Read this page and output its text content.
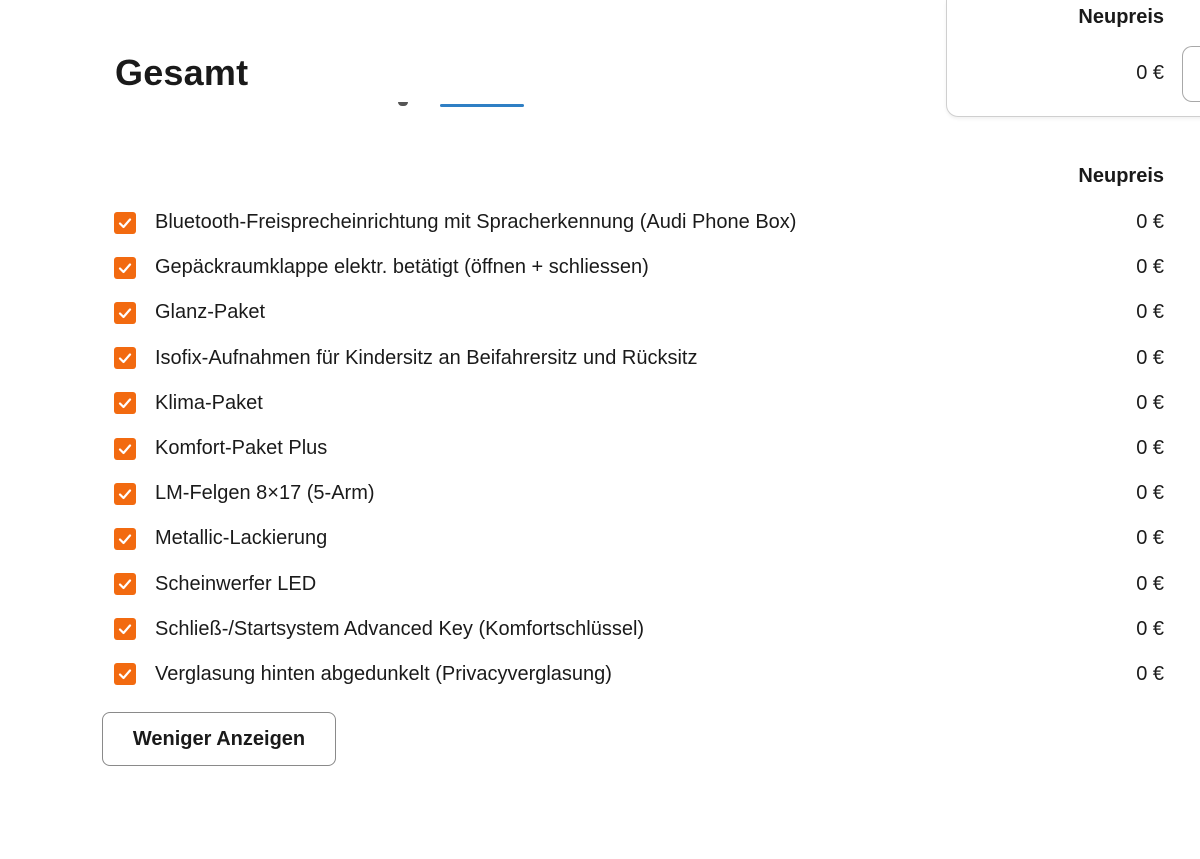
Neupreis
Gesamt	0 €
Neupreis
Bluetooth-Freisprecheinrichtung mit Spracherkennung (Audi Phone Box)	0 €
Gepäckraumklappe elektr. betätigt (öffnen + schliessen)	0 €
Glanz-Paket	0 €
Isofix-Aufnahmen für Kindersitz an Beifahrersitz und Rücksitz	0 €
Klima-Paket	0 €
Komfort-Paket Plus	0 €
LM-Felgen 8×17 (5-Arm)	0 €
Metallic-Lackierung	0 €
Scheinwerfer LED	0 €
Schließ-/Startsystem Advanced Key (Komfortschlüssel)	0 €
Verglasung hinten abgedunkelt (Privacyverglasung)	0 €
Weniger Anzeigen
